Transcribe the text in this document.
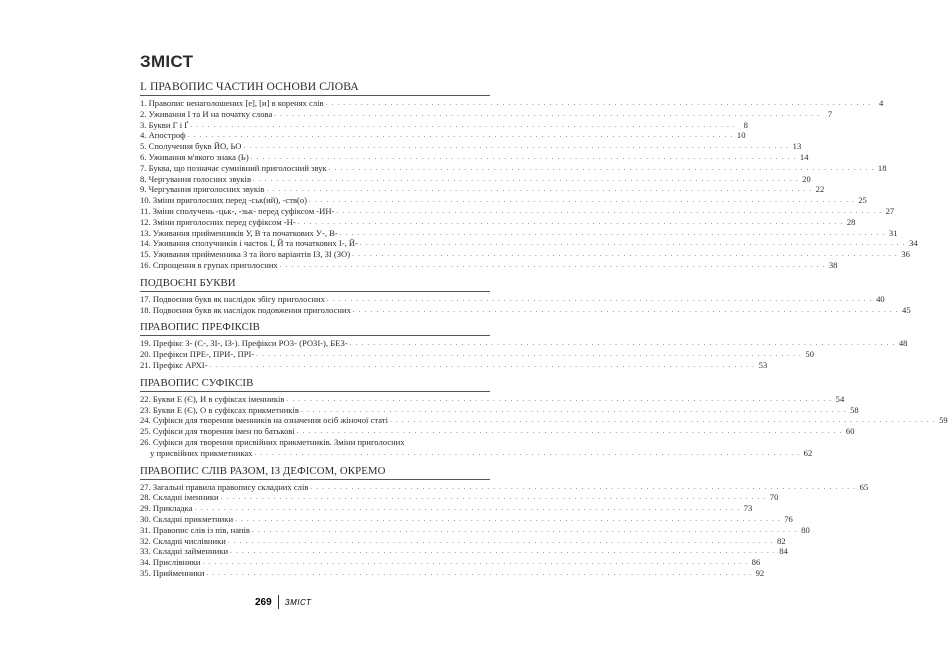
ЗМІСТ
І. ПРАВОПИС ЧАСТИН ОСНОВИ СЛОВА
1. Правопис ненаголошених [е], [и] в коренях слів . . .	4
2. Уживання І та И на початку слова . . .	7
3. Букви Г і Ґ . . .	8
4. Апостроф . . .	10
5. Сполучення букв ЙО, ЬО . . .	13
6. Уживання м'якого знака (Ь) . . .	14
7. Буква, що позначає сумнівний приголосний звук . . .	18
8. Чергування голосних звуків . . .	20
9. Чергування приголосних звуків . . .	22
10. Зміни приголосних перед -ськ(ий), -ств(о) . . .	25
11. Зміни сполучень -цьк-, -зьк- перед суфіксом -ИН- . . .	27
12. Зміни приголосних перед суфіксом -Н- . . .	28
13. Уживання прийменників У, В та початкових У-, В- . . .	31
14. Уживання сполучників і часток І, Й та початкових І-, Й- . . .	34
15. Уживання прийменника З та його варіантів ІЗ, ЗІ (ЗО) . . .	36
16. Спрощення в групах приголосних . . .	38
ПОДВОЄНІ БУКВИ
17. Подвоєння букв як наслідок збігу приголосних . . .	40
18. Подвоєння букв як наслідок подовження приголосних . . .	45
ПРАВОПИС ПРЕФІКСІВ
19. Префікс З- (С-, ЗІ-, ІЗ-). Префікси РОЗ- (РОЗІ-), БЕЗ- . . .	48
20. Префікси ПРЕ-, ПРИ-, ПРІ- . . .	50
21. Префікс АРХІ- . . .	53
ПРАВОПИС СУФІКСІВ
22. Букви Е (Є), И в суфіксах іменників . . .	54
23. Букви Е (Є), О в суфіксах прикметників . . .	58
24. Суфікси для творення іменників на означення осіб жіночої статі . . .	59
25. Суфікси для творення імен по батькові . . .	60
26. Суфікси для творення присвійних прикметників. Зміни приголосних
у присвійних прикметниках . . .	62
ПРАВОПИС СЛІВ РАЗОМ, ІЗ ДЕФІСОМ, ОКРЕМО
27. Загальні правила правопису складних слів . . .	65
28. Складні іменники . . .	70
29. Прикладка . . .	73
30. Складні прикметники . . .	76
31. Правопис слів із пів, напів . . .	80
32. Складні числівники . . .	82
33. Складні займенники . . .	84
34. Прислівники . . .	86
35. Прийменники . . .	92
269	ЗМІСТ
